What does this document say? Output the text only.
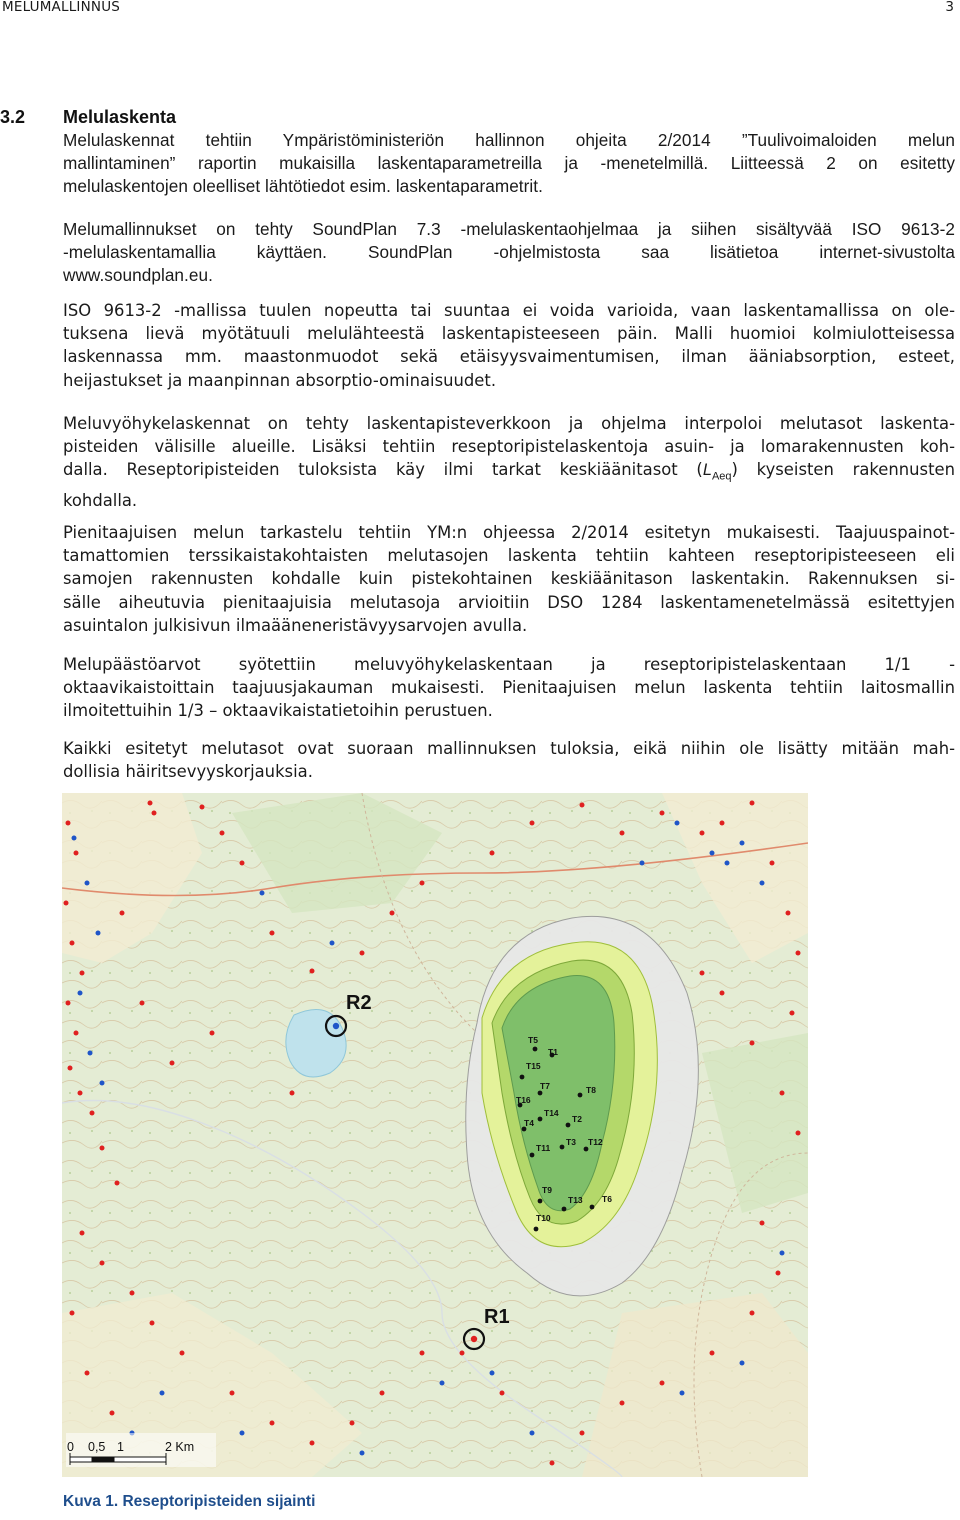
MELUMALLINNUS	3
3.2 Melulaskenta
Melulaskennat tehtiin Ympäristöministeriön hallinnon ohjeita 2/2014 ”Tuulivoimaloiden melun
mallintaminen” raportin mukaisilla laskentaparametreilla ja -menetelmillä. Liitteessä 2 on esitetty
melulaskentojen oleelliset lähtötiedot esim. laskentaparametrit.
Melumallinnukset on tehty SoundPlan 7.3 -melulaskentaohjelmaa ja siihen sisältyvää ISO 9613-2
-melulaskentamallia käyttäen. SoundPlan -ohjelmistosta saa lisätietoa internet-sivustolta
www.soundplan.eu.
ISO 9613-2 -mallissa tuulen nopeutta tai suuntaa ei voida varioida, vaan laskentamallissa on ole-
tuksena lievä myötätuuli melulähteestä laskentapisteeseen päin. Malli huomioi kolmiulotteisessa
laskennassa mm. maastonmuodot sekä etäisyysvaimentumisen, ilman ääniabsorption, esteet,
heijastukset ja maanpinnan absorptio-ominaisuudet.
Meluvyöhykelaskennat on tehty laskentapisteverkkoon ja ohjelma interpoloi melutasot laskenta-
pisteiden välisille alueille. Lisäksi tehtiin reseptoripistelaskentoja asuin- ja lomarakennusten koh-
dalla. Reseptoripisteiden tuloksista käy ilmi tarkat keskiäänitasot $(L_{Aeq})$ kyseisten rakennusten
kohdalla.
Pienitaajuisen melun tarkastelu tehtiin YM:n ohjeessa 2/2014 esitetyn mukaisesti. Taajuuspainot-
tamattomien terssikaistakohtaisten melutasojen laskenta tehtiin kahteen reseptoripisteeseen eli
samojen rakennusten kohdalle kuin pistekohtainen keskiäänitason laskentakin. Rakennuksen si-
sälle aiheutuvia pienitaajuisia melutasoja arvioitiin DSO 1284 laskentamenetelmässä esitettyjen
asuintalon julkisivun ilmaääneneristävyysarvojen avulla.
Melupäästöarvot syötettiin meluvyöhykelaskentaan ja reseptoripistelaskentaan 1/1 -
oktaavikaistoittain taajuusjakauman mukaisesti. Pienitaajuisen melun laskenta tehtiin laitosmallin
ilmoitettuihin 1/3 – oktaavikaistatietoihin perustuen.
Kaikki esitetyt melutasot ovat suoraan mallinnuksen tuloksia, eikä niihin ole lisätty mitään mah-
dollisia häiritsevyyskorjauksia.
T5
T1
T15
T7	T8
T16
T14
T2
T4
T3 T12
T11
T9
T13 T6
T10
R2
R1
0 0,5 1	2 Km
Kuva 1. Reseptoripisteiden sijainti
